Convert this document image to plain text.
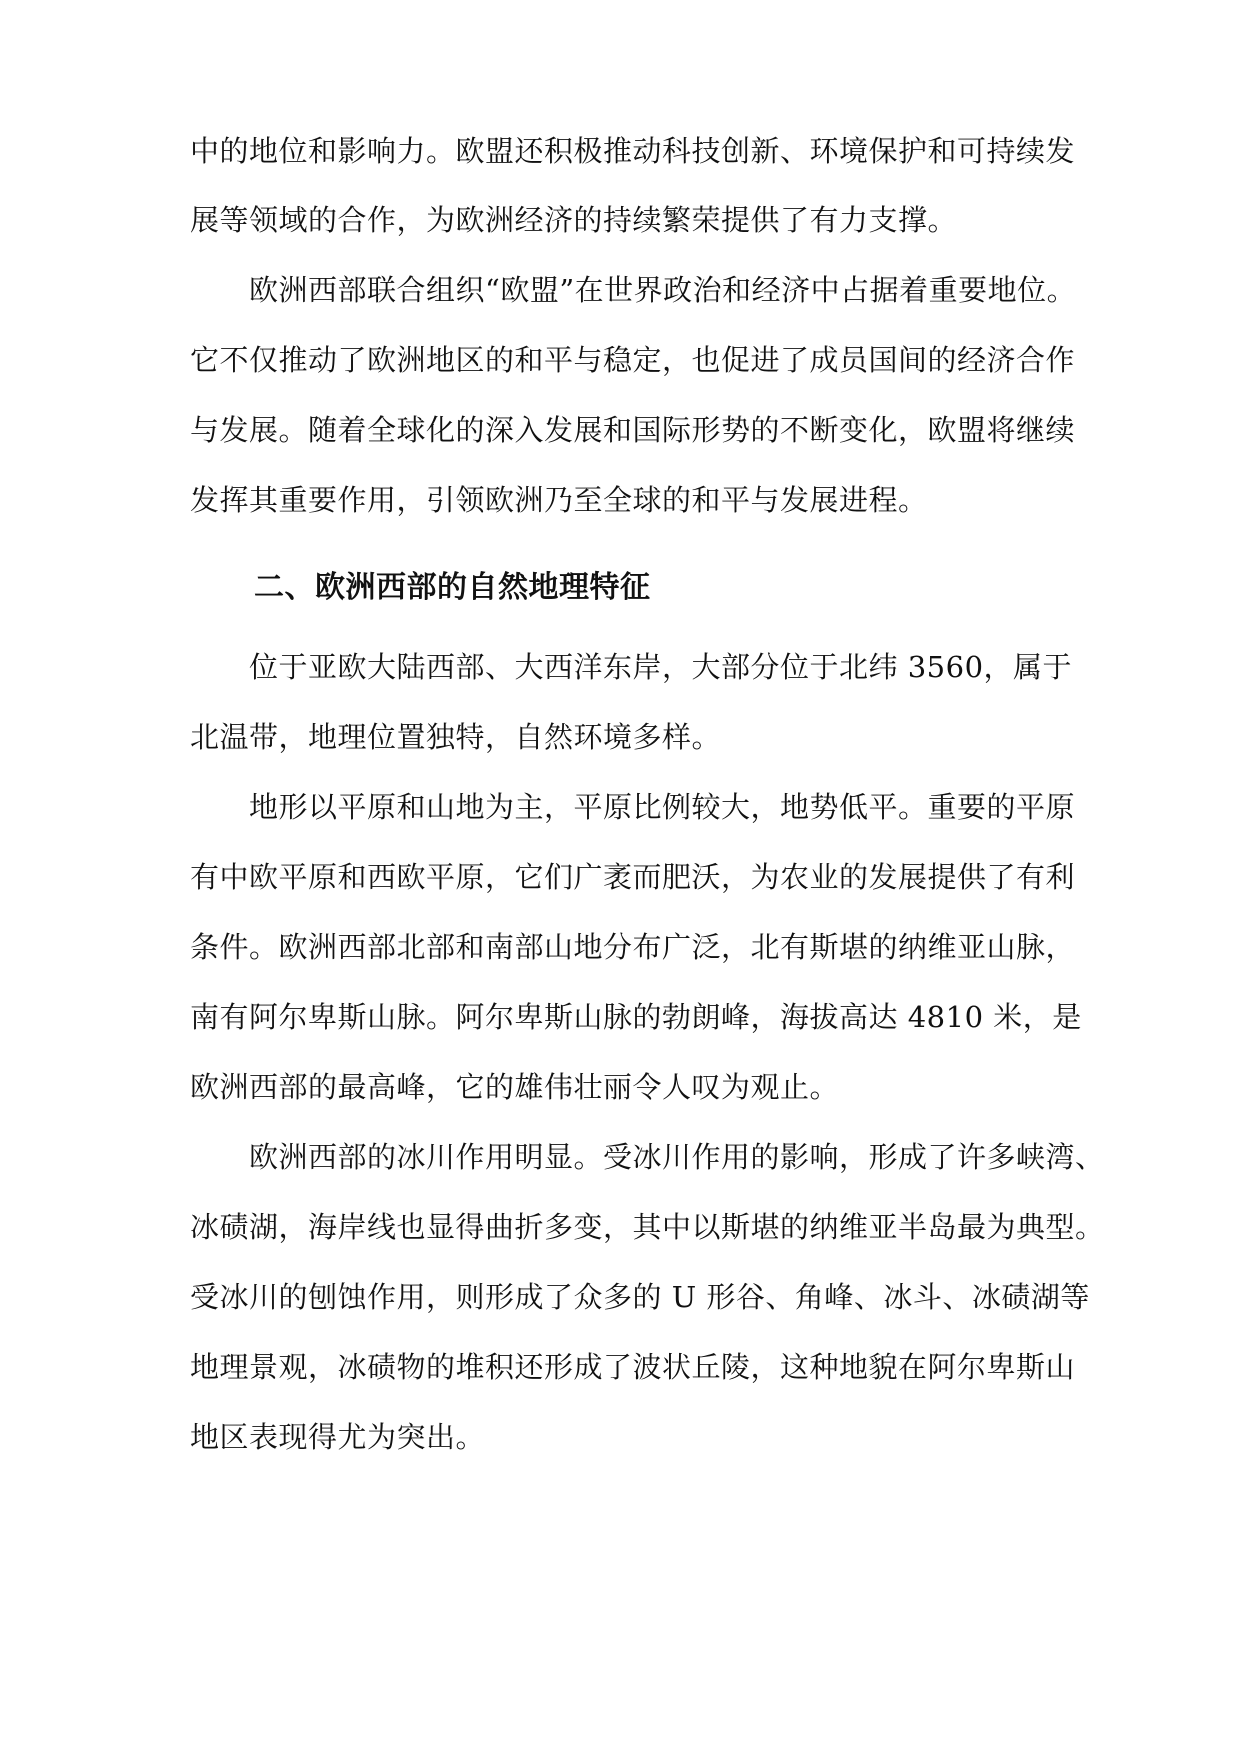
中的地位和影响力。欧盟还积极推动科技创新、环境保护和可持续发
展等领域的合作，为欧洲经济的持续繁荣提供了有力支撑。
欧洲西部联合组织“欧盟”在世界政治和经济中占据着重要地位。
它不仅推动了欧洲地区的和平与稳定，也促进了成员国间的经济合作
与发展。随着全球化的深入发展和国际形势的不断变化，欧盟将继续
发挥其重要作用，引领欧洲乃至全球的和平与发展进程。
二、欧洲西部的自然地理特征
位于亚欧大陆西部、大西洋东岸，大部分位于北纬 3560，属于
北温带，地理位置独特，自然环境多样。
地形以平原和山地为主，平原比例较大，地势低平。重要的平原
有中欧平原和西欧平原，它们广袤而肥沃，为农业的发展提供了有利
条件。欧洲西部北部和南部山地分布广泛，北有斯堪的纳维亚山脉，
南有阿尔卑斯山脉。阿尔卑斯山脉的勃朗峰，海拔高达 4810 米，是
欧洲西部的最高峰，它的雄伟壮丽令人叹为观止。
欧洲西部的冰川作用明显。受冰川作用的影响，形成了许多峡湾、
冰碛湖，海岸线也显得曲折多变，其中以斯堪的纳维亚半岛最为典型。
受冰川的刨蚀作用，则形成了众多的 U 形谷、角峰、冰斗、冰碛湖等
地理景观，冰碛物的堆积还形成了波状丘陵，这种地貌在阿尔卑斯山
地区表现得尤为突出。
